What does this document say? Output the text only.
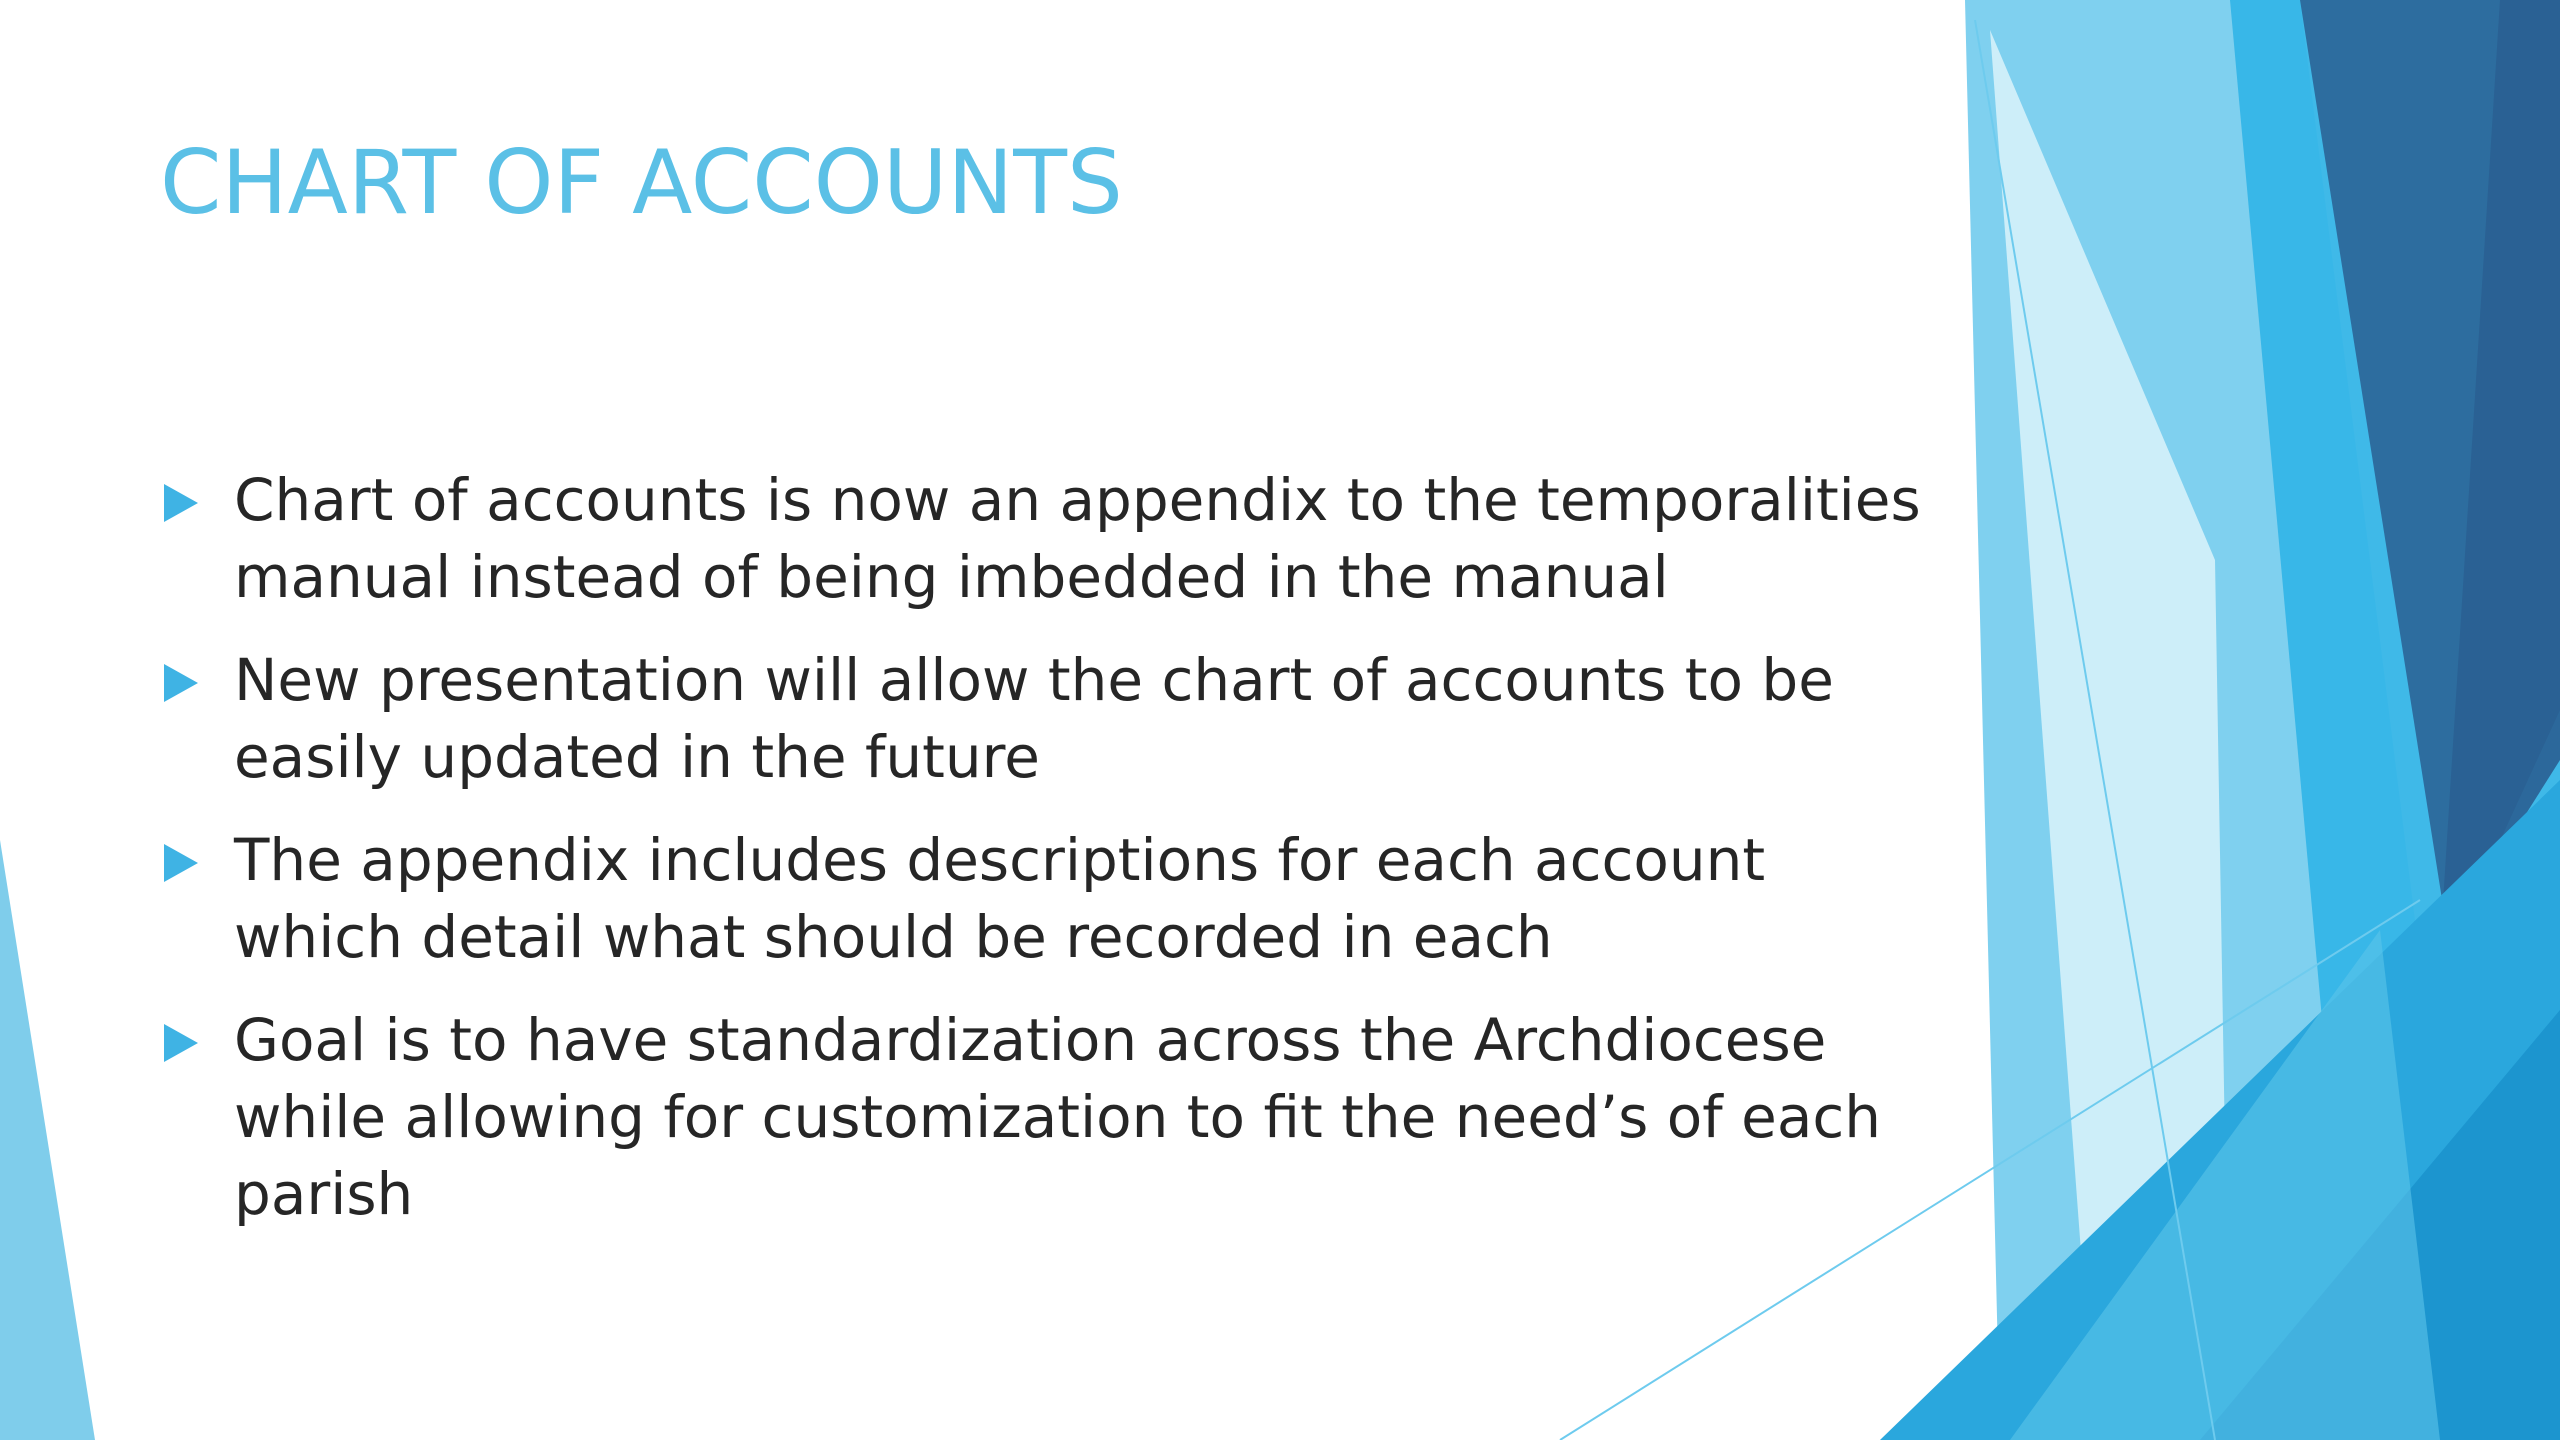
CHART OF ACCOUNTS
Chart of accounts is now an appendix to the temporalities manual instead of being imbedded in the manual
New presentation will allow the chart of accounts to be easily updated in the future
The appendix includes descriptions for each account which detail what should be recorded in each
Goal is to have standardization across the Archdiocese while allowing for customization to fit the need’s of each parish
